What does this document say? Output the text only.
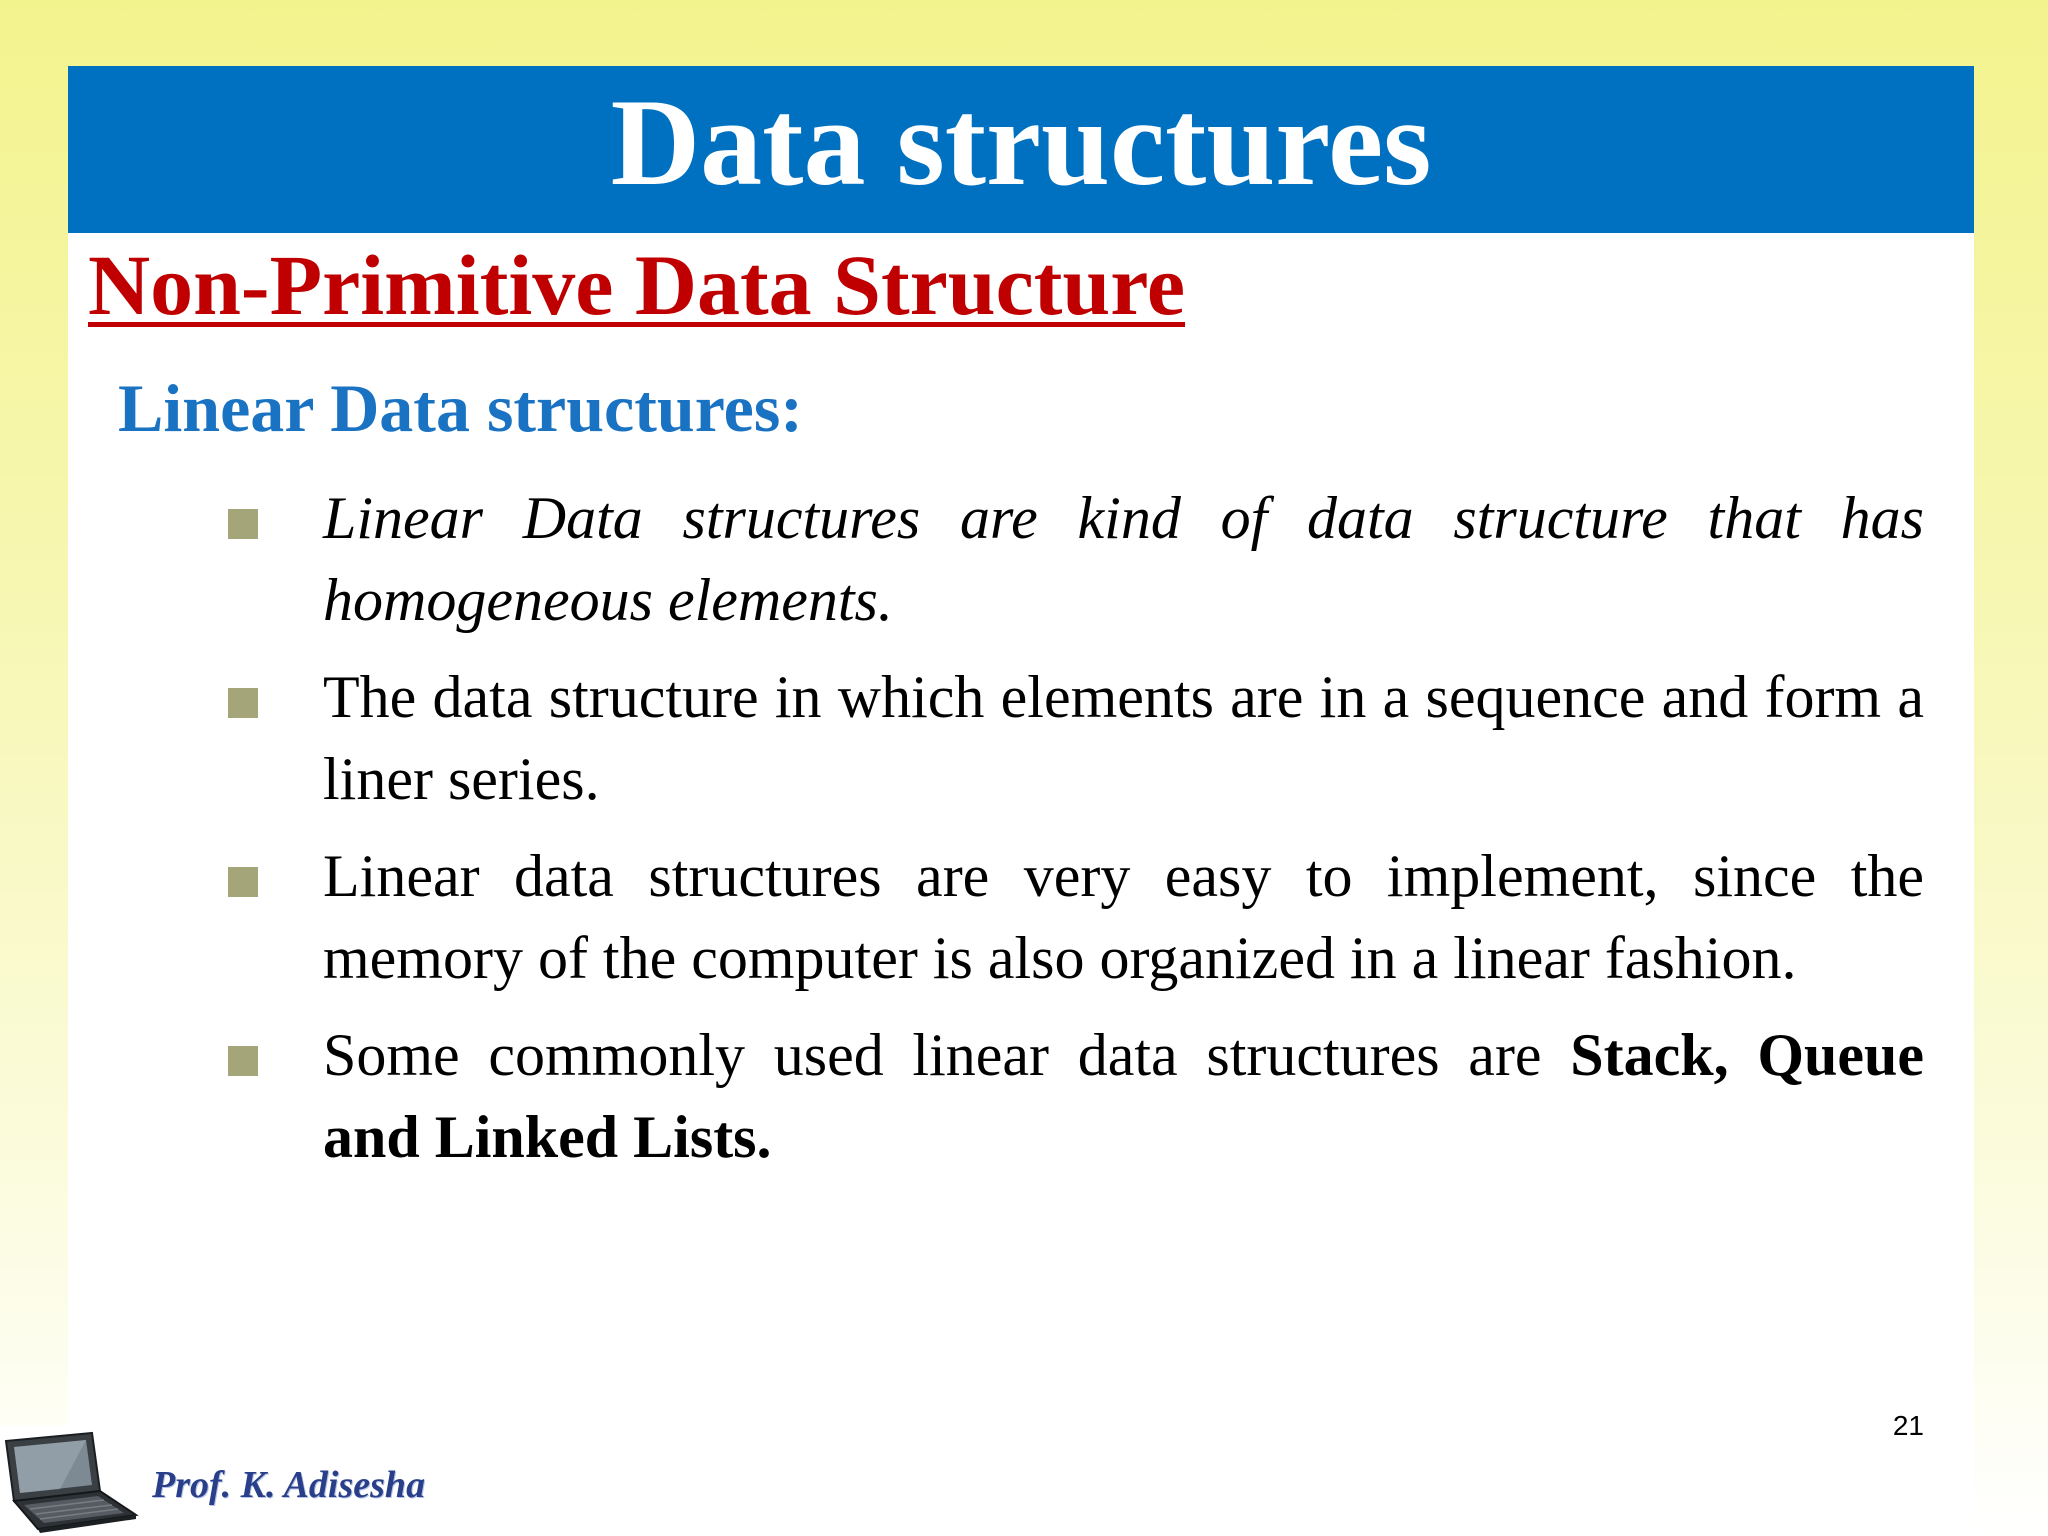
Data structures
Non-Primitive Data Structure
Linear Data structures:
Linear Data structures are kind of data structure that has homogeneous elements.
The data structure in which elements are in a sequence and form a liner series.
Linear data structures are very easy to implement, since the memory of the computer is also organized in a linear fashion.
Some commonly used linear data structures are Stack, Queue and Linked Lists.
21
Prof. K. Adisesha
